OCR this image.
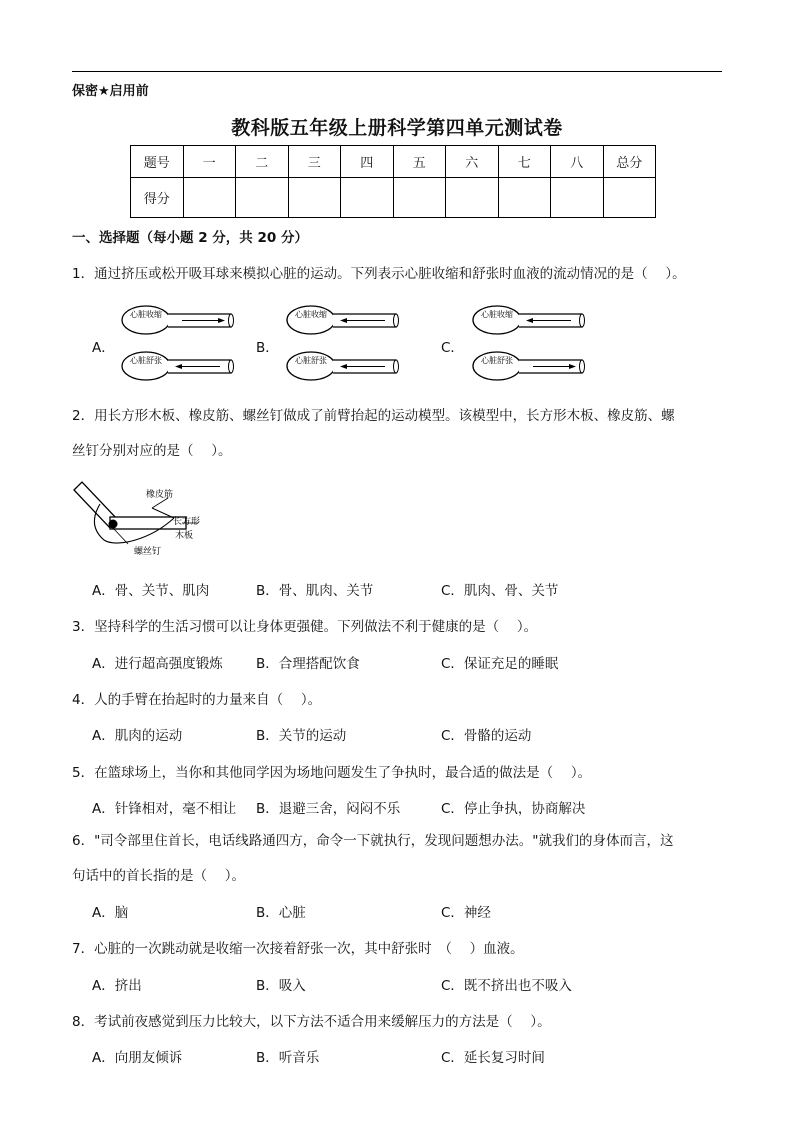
保密★启用前
教科版五年级上册科学第四单元测试卷
题号	一	二	三	四	五	六	七	八	总分
得分									
一、选择题（每小题 2 分，共 20 分）
1．通过挤压或松开吸耳球来模拟心脏的运动。下列表示心脏收缩和舒张时血液的流动情况的是（　 ）。
A．	B．	C．
心脏收缩
心脏舒张
心脏收缩
心脏舒张
心脏收缩
心脏舒张
2．用长方形木板、橡皮筋、螺丝钉做成了前臂抬起的运动模型。该模型中，长方形木板、橡皮筋、螺
丝钉分别对应的是（　 ）。
橡皮筋
长方形
木板
螺丝钉
A．骨、关节、肌肉	B．骨、肌肉、关节	C．肌肉、骨、关节
3．坚持科学的生活习惯可以让身体更强健。下列做法不利于健康的是（　 ）。
A．进行超高强度锻炼 B．合理搭配饮食	C．保证充足的睡眠
4．人的手臂在抬起时的力量来自（　 ）。
A．肌肉的运动	B．关节的运动	C．骨骼的运动
5．在篮球场上，当你和其他同学因为场地问题发生了争执时，最合适的做法是（　 ）。
A．针锋相对，毫不相让 B．退避三舍，闷闷不乐	C．停止争执，协商解决
6．"司令部里住首长，电话线路通四方，命令一下就执行，发现问题想办法。"就我们的身体而言，这
句话中的首长指的是（　 ）。
A．脑	B．心脏	C．神经
7．心脏的一次跳动就是收缩一次接着舒张一次，其中舒张时　（　 ）血液。
A．挤出	B．吸入	C．既不挤出也不吸入
8．考试前夜感觉到压力比较大，以下方法不适合用来缓解压力的方法是（　 ）。
A．向朋友倾诉	B．听音乐	C．延长复习时间
